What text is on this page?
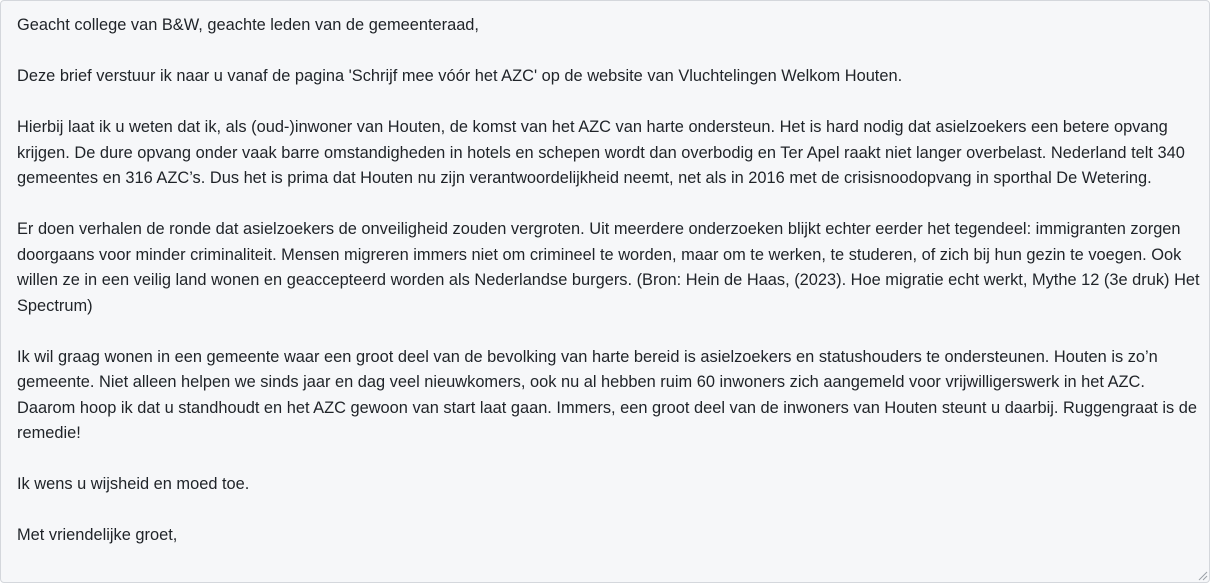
Geacht college van B&W, geachte leden van de gemeenteraad,

Deze brief verstuur ik naar u vanaf de pagina 'Schrijf mee vóór het AZC' op de website van Vluchtelingen Welkom Houten.

Hierbij laat ik u weten dat ik, als (oud-)inwoner van Houten, de komst van het AZC van harte ondersteun. Het is hard nodig dat asielzoekers een betere opvang krijgen. De dure opvang onder vaak barre omstandigheden in hotels en schepen wordt dan overbodig en Ter Apel raakt niet langer overbelast. Nederland telt 340 gemeentes en 316 AZC’s. Dus het is prima dat Houten nu zijn verantwoordelijkheid neemt, net als in 2016 met de crisisnoodopvang in sporthal De Wetering.

Er doen verhalen de ronde dat asielzoekers de onveiligheid zouden vergroten. Uit meerdere onderzoeken blijkt echter eerder het tegendeel: immigranten zorgen doorgaans voor minder criminaliteit. Mensen migreren immers niet om crimineel te worden, maar om te werken, te studeren, of zich bij hun gezin te voegen. Ook willen ze in een veilig land wonen en geaccepteerd worden als Nederlandse burgers. (Bron: Hein de Haas, (2023). Hoe migratie echt werkt, Mythe 12 (3e druk) Het Spectrum)

Ik wil graag wonen in een gemeente waar een groot deel van de bevolking van harte bereid is asielzoekers en statushouders te ondersteunen. Houten is zo’n gemeente. Niet alleen helpen we sinds jaar en dag veel nieuwkomers, ook nu al hebben ruim 60 inwoners zich aangemeld voor vrijwilligerswerk in het AZC. Daarom hoop ik dat u standhoudt en het AZC gewoon van start laat gaan. Immers, een groot deel van de inwoners van Houten steunt u daarbij. Ruggengraat is de remedie!

Ik wens u wijsheid en moed toe.

Met vriendelijke groet,
